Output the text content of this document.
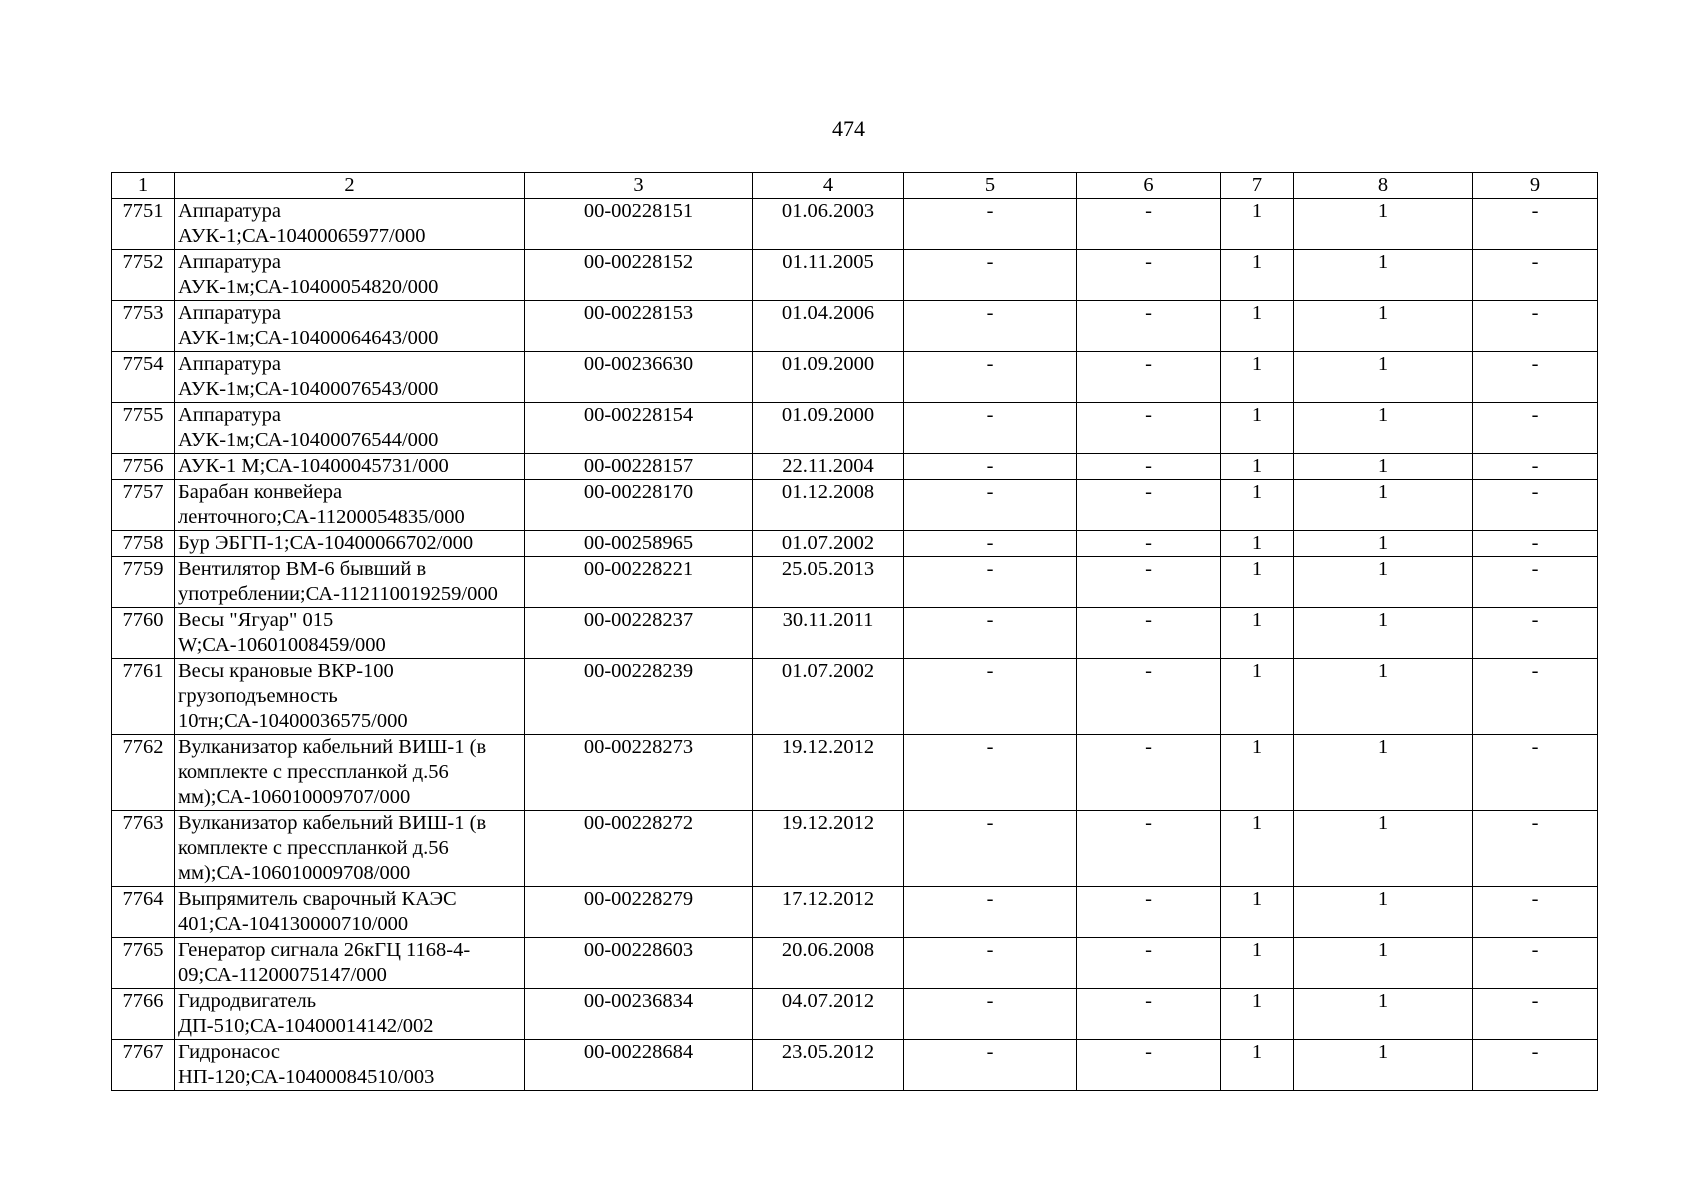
474
1	2	3	4	5	6	7	8	9
7751	Аппаратура АУК-1;СА-10400065977/000	00-00228151	01.06.2003	-	-	1	1	-
7752	Аппаратура АУК-1м;СА-10400054820/000	00-00228152	01.11.2005	-	-	1	1	-
7753	Аппаратура АУК-1м;СА-10400064643/000	00-00228153	01.04.2006	-	-	1	1	-
7754	Аппаратура АУК-1м;СА-10400076543/000	00-00236630	01.09.2000	-	-	1	1	-
7755	Аппаратура АУК-1м;СА-10400076544/000	00-00228154	01.09.2000	-	-	1	1	-
7756	АУК-1 М;СА-10400045731/000	00-00228157	22.11.2004	-	-	1	1	-
7757	Барабан конвейера ленточного;СА-11200054835/000	00-00228170	01.12.2008	-	-	1	1	-
7758	Бур ЭБГП-1;СА-10400066702/000	00-00258965	01.07.2002	-	-	1	1	-
7759	Вентилятор ВМ-6 бывший в употреблении;СА-112110019259/000	00-00228221	25.05.2013	-	-	1	1	-
7760	Весы "Ягуар" 015 W;СА-10601008459/000	00-00228237	30.11.2011	-	-	1	1	-
7761	Весы крановые ВКР-100 грузоподъемность 10тн;СА-10400036575/000	00-00228239	01.07.2002	-	-	1	1	-
7762	Вулканизатор кабельний ВИШ-1 (в комплекте с пресспланкой д.56 мм);СА-106010009707/000	00-00228273	19.12.2012	-	-	1	1	-
7763	Вулканизатор кабельний ВИШ-1 (в комплекте с пресспланкой д.56 мм);СА-106010009708/000	00-00228272	19.12.2012	-	-	1	1	-
7764	Выпрямитель сварочный КАЭС 401;СА-104130000710/000	00-00228279	17.12.2012	-	-	1	1	-
7765	Генератор сигнала 26кГЦ 1168-4-09;СА-11200075147/000	00-00228603	20.06.2008	-	-	1	1	-
7766	Гидродвигатель ДП-510;СА-10400014142/002	00-00236834	04.07.2012	-	-	1	1	-
7767	Гидронасос НП-120;СА-10400084510/003	00-00228684	23.05.2012	-	-	1	1	-
